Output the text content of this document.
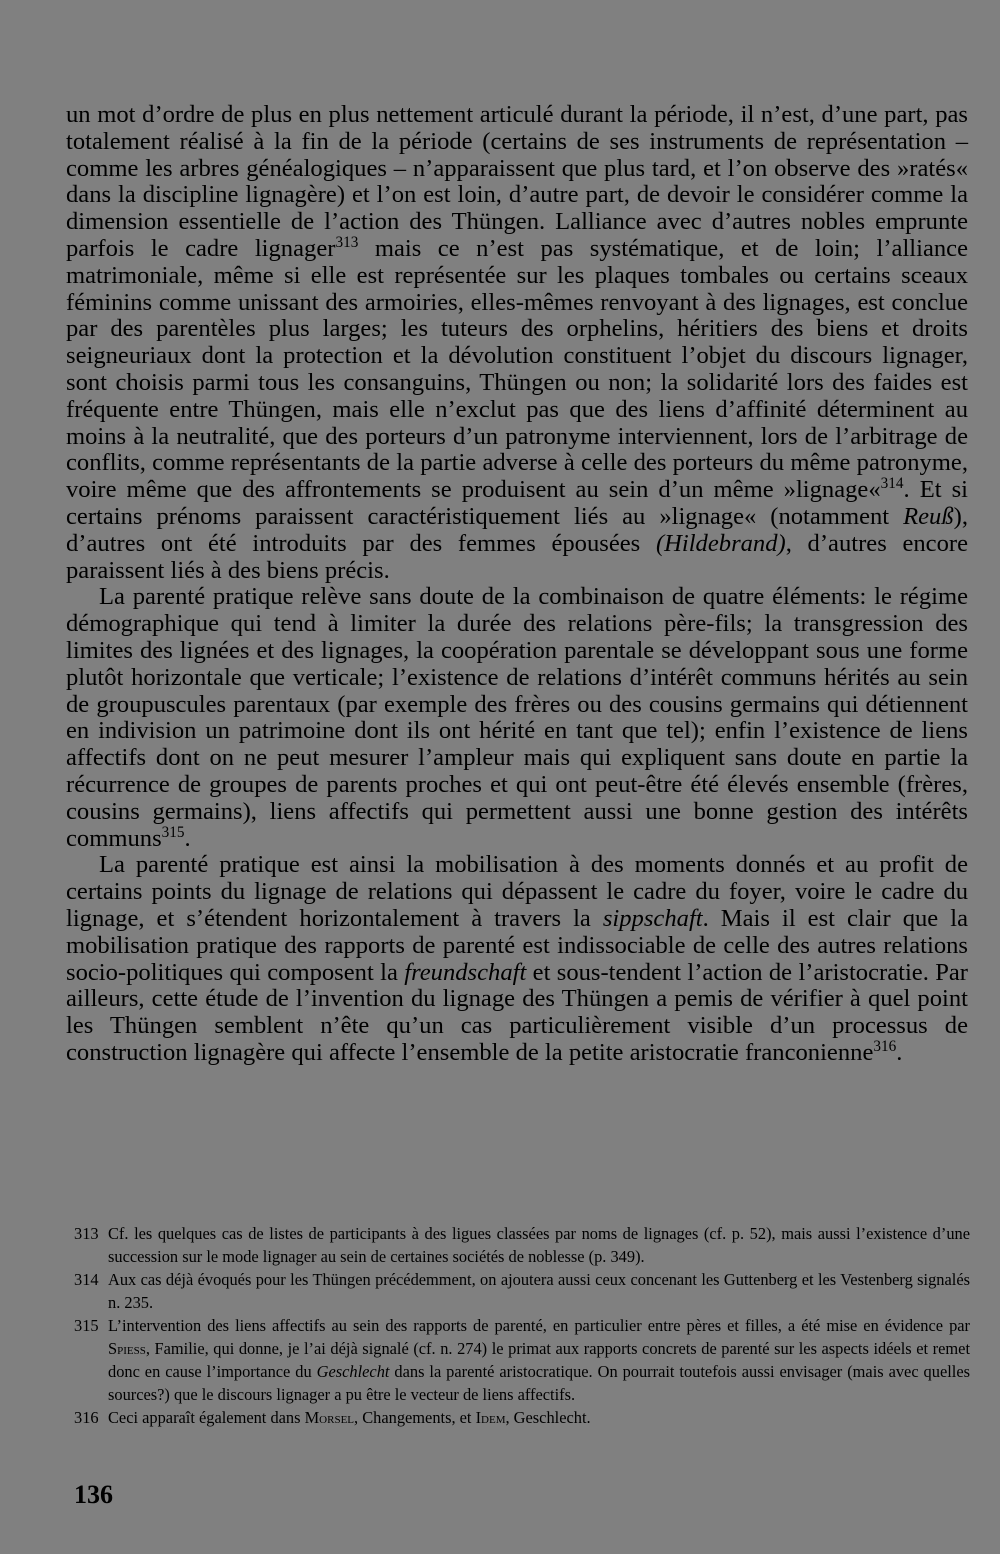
un mot d’ordre de plus en plus nettement articulé durant la période, il n’est, d’une part, pas totalement réalisé à la fin de la période (certains de ses instruments de représentation – comme les arbres généalogiques – n’apparaissent que plus tard, et l’on observe des »ratés« dans la discipline lignagère) et l’on est loin, d’autre part, de devoir le considérer comme la dimension essentielle de l’action des Thüngen. Lalliance avec d’autres nobles emprunte parfois le cadre lignager$^{313}$ mais ce n’est pas systématique, et de loin; l’alliance matrimoniale, même si elle est représentée sur les plaques tombales ou certains sceaux féminins comme unissant des armoiries, elles-mêmes renvoyant à des lignages, est conclue par des parentèles plus larges; les tuteurs des orphelins, héritiers des biens et droits seigneuriaux dont la protection et la dévolution constituent l’objet du discours lignager, sont choisis parmi tous les consanguins, Thüngen ou non; la solidarité lors des faides est fréquente entre Thüngen, mais elle n’exclut pas que des liens d’affinité déterminent au moins à la neutralité, que des porteurs d’un patronyme interviennent, lors de l’arbitrage de conflits, comme représentants de la partie adverse à celle des porteurs du même patronyme, voire même que des affrontements se produisent au sein d’un même »lignage«$^{314}$. Et si certains prénoms paraissent caractéristiquement liés au »lignage« (notamment Reuß), d’autres ont été introduits par des femmes épousées (Hildebrand), d’autres encore paraissent liés à des biens précis.

La parenté pratique relève sans doute de la combinaison de quatre éléments: le régime démographique qui tend à limiter la durée des relations père-fils; la transgression des limites des lignées et des lignages, la coopération parentale se développant sous une forme plutôt horizontale que verticale; l’existence de relations d’intérêt communs hérités au sein de groupuscules parentaux (par exemple des frères ou des cousins germains qui détiennent en indivision un patrimoine dont ils ont hérité en tant que tel); enfin l’existence de liens affectifs dont on ne peut mesurer l’ampleur mais qui expliquent sans doute en partie la récurrence de groupes de parents proches et qui ont peut-être été élevés ensemble (frères, cousins germains), liens affectifs qui permettent aussi une bonne gestion des intérêts communs$^{315}$.

La parenté pratique est ainsi la mobilisation à des moments donnés et au profit de certains points du lignage de relations qui dépassent le cadre du foyer, voire le cadre du lignage, et s’étendent horizontalement à travers la sippschaft. Mais il est clair que la mobilisation pratique des rapports de parenté est indissociable de celle des autres relations socio-politiques qui composent la freundschaft et sous-tendent l’action de l’aristocratie. Par ailleurs, cette étude de l’invention du lignage des Thüngen a pemis de vérifier à quel point les Thüngen semblent n’ête qu’un cas particulièrement visible d’un processus de construction lignagère qui affecte l’ensemble de la petite aristocratie franconienne$^{316}$.

313 Cf. les quelques cas de listes de participants à des ligues classées par noms de lignages (cf. p. 52), mais aussi l’existence d’une succession sur le mode lignager au sein de certaines sociétés de noblesse (p. 349).
314 Aux cas déjà évoqués pour les Thüngen précédemment, on ajoutera aussi ceux concenant les Guttenberg et les Vestenberg signalés n. 235.
315 L’intervention des liens affectifs au sein des rapports de parenté, en particulier entre pères et filles, a été mise en évidence par Spiess, Familie, qui donne, je l’ai déjà signalé (cf. n. 274) le primat aux rapports concrets de parenté sur les aspects idéels et remet donc en cause l’importance du Geschlecht dans la parenté aristocratique. On pourrait toutefois aussi envisager (mais avec quelles sources?) que le discours lignager a pu être le vecteur de liens affectifs.
316 Ceci apparaît également dans Morsel, Changements, et Idem, Geschlecht.
136
